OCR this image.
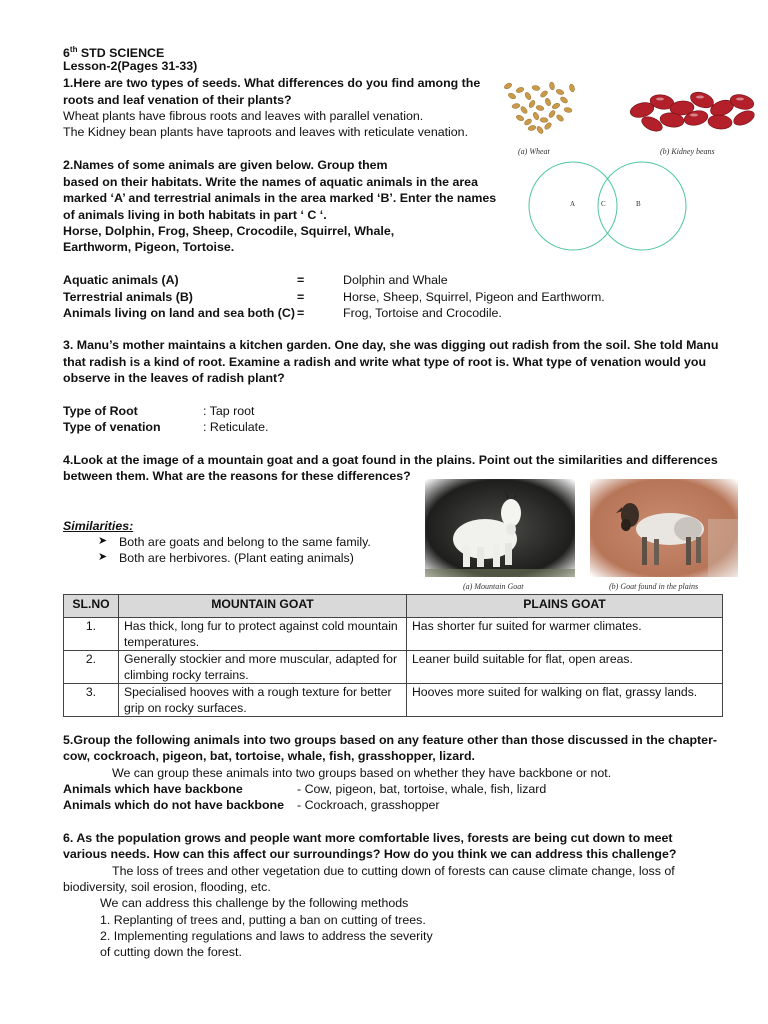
6th STD SCIENCE
Lesson-2(Pages 31-33)
1.Here are two types of seeds. What differences do you find among the
roots and leaf venation of their plants?
Wheat plants have fibrous roots and leaves with parallel venation.
The Kidney bean plants have taproots and leaves with reticulate venation.
(a) Wheat	(b) Kidney beans
2.Names of some animals are given below. Group them
based on their habitats. Write the names of aquatic animals in the area
marked ‘A’ and terrestrial animals in the area marked ‘B’. Enter the names
of animals living in both habitats in part ‘ C ‘.
Horse, Dolphin, Frog, Sheep, Crocodile, Squirrel, Whale,
Earthworm, Pigeon, Tortoise.
A	C	B
Aquatic animals (A)	=	Dolphin and Whale
Terrestrial animals (B)	=	Horse, Sheep, Squirrel, Pigeon and Earthworm.
Animals living on land and sea both (C) =	Frog, Tortoise and Crocodile.
3. Manu’s mother maintains a kitchen garden. One day, she was digging out radish from the soil. She told Manu
that radish is a kind of root. Examine a radish and write what type of root is. What type of venation would you
observe in the leaves of radish plant?
Type of Root	: Tap root
Type of venation	: Reticulate.
4.Look at the image of a mountain goat and a goat found in the plains. Point out the similarities and differences
between them. What are the reasons for these differences?
(a) Mountain Goat	(b) Goat found in the plains
Similarities:
➤ Both are goats and belong to the same family.
➤ Both are herbivores. (Plant eating animals)
SL.NO	MOUNTAIN GOAT	PLAINS GOAT
1.	Has thick, long fur to protect against cold mountain temperatures.	Has shorter fur suited for warmer climates.
2.	Generally stockier and more muscular, adapted for climbing rocky terrains.	Leaner build suitable for flat, open areas.
3.	Specialised hooves with a rough texture for better grip on rocky surfaces.	Hooves more suited for walking on flat, grassy lands.
5.Group the following animals into two groups based on any feature other than those discussed in the chapter-
cow, cockroach, pigeon, bat, tortoise, whale, fish, grasshopper, lizard.
We can group these animals into two groups based on whether they have backbone or not.
Animals which have backbone	- Cow, pigeon, bat, tortoise, whale, fish, lizard
Animals which do not have backbone - Cockroach, grasshopper
6. As the population grows and people want more comfortable lives, forests are being cut down to meet
various needs. How can this affect our surroundings? How do you think we can address this challenge?
The loss of trees and other vegetation due to cutting down of forests can cause climate change, loss of
biodiversity, soil erosion, flooding, etc.
We can address this challenge by the following methods
1. Replanting of trees and, putting a ban on cutting of trees.
2. Implementing regulations and laws to address the severity
of cutting down the forest.
